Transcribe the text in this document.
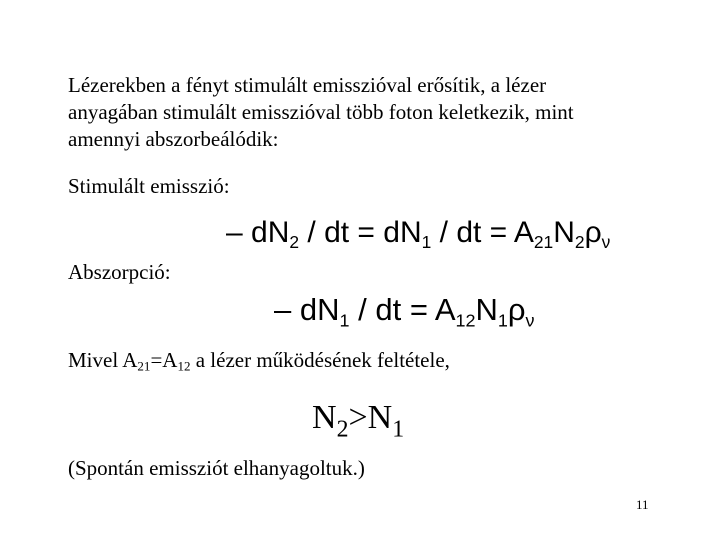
Lézerekben a fényt stimulált emisszióval erősítik, a lézer
anyagában stimulált emisszióval több foton keletkezik, mint
amennyi abszorbeálódik:
Stimulált emisszió:
– $dN_2$ / dt = $dN_1$ / dt = $A_{21}N_2\rho_\nu$
Abszorpció:
– $dN_1$ / dt = $A_{12}N_1\rho_\nu$
Mivel $A_{21}=A_{12}$ a lézer működésének feltétele,
$N_2>N_1$
(Spontán emissziót elhanyagoltuk.)
11
